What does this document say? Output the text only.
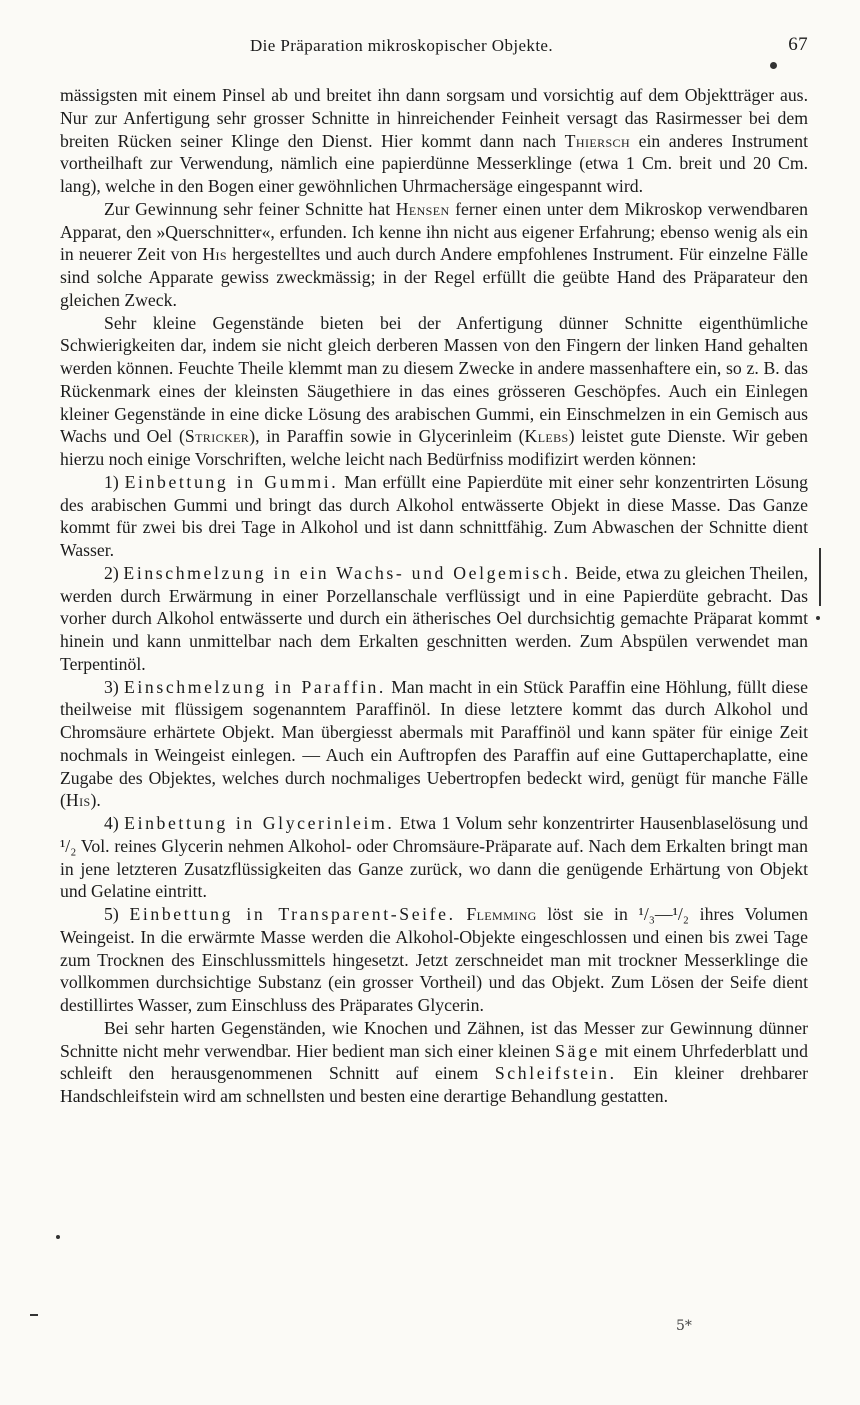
Die Präparation mikroskopischer Objekte.	67

mässigsten mit einem Pinsel ab und breitet ihn dann sorgsam und vorsichtig auf dem Objektträger aus. Nur zur Anfertigung sehr grosser Schnitte in hinreichender Feinheit versagt das Rasirmesser bei dem breiten Rücken seiner Klinge den Dienst. Hier kommt dann nach Thiersch ein anderes Instrument vortheilhaft zur Verwendung, nämlich eine papierdünne Messerklinge (etwa 1 Cm. breit und 20 Cm. lang), welche in den Bogen einer gewöhnlichen Uhrmachersäge eingespannt wird.

Zur Gewinnung sehr feiner Schnitte hat Hensen ferner einen unter dem Mikroskop verwendbaren Apparat, den »Querschnitter«, erfunden. Ich kenne ihn nicht aus eigener Erfahrung; ebenso wenig als ein in neuerer Zeit von His hergestelltes und auch durch Andere empfohlenes Instrument. Für einzelne Fälle sind solche Apparate gewiss zweckmässig; in der Regel erfüllt die geübte Hand des Präparateur den gleichen Zweck.

Sehr kleine Gegenstände bieten bei der Anfertigung dünner Schnitte eigenthümliche Schwierigkeiten dar, indem sie nicht gleich derberen Massen von den Fingern der linken Hand gehalten werden können. Feuchte Theile klemmt man zu diesem Zwecke in andere massenhaftere ein, so z. B. das Rückenmark eines der kleinsten Säugethiere in das eines grösseren Geschöpfes. Auch ein Einlegen kleiner Gegenstände in eine dicke Lösung des arabischen Gummi, ein Einschmelzen in ein Gemisch aus Wachs und Oel (Stricker), in Paraffin sowie in Glycerinleim (Klebs) leistet gute Dienste. Wir geben hierzu noch einige Vorschriften, welche leicht nach Bedürfniss modifizirt werden können:

1) Einbettung in Gummi. Man erfüllt eine Papierdüte mit einer sehr konzentrirten Lösung des arabischen Gummi und bringt das durch Alkohol entwässerte Objekt in diese Masse. Das Ganze kommt für zwei bis drei Tage in Alkohol und ist dann schnittfähig. Zum Abwaschen der Schnitte dient Wasser.

2) Einschmelzung in ein Wachs- und Oelgemisch. Beide, etwa zu gleichen Theilen, werden durch Erwärmung in einer Porzellanschale verflüssigt und in eine Papierdüte gebracht. Das vorher durch Alkohol entwässerte und durch ein ätherisches Oel durchsichtig gemachte Präparat kommt hinein und kann unmittelbar nach dem Erkalten geschnitten werden. Zum Abspülen verwendet man Terpentinöl.

3) Einschmelzung in Paraffin. Man macht in ein Stück Paraffin eine Höhlung, füllt diese theilweise mit flüssigem sogenanntem Paraffinöl. In diese letztere kommt das durch Alkohol und Chromsäure erhärtete Objekt. Man übergiesst abermals mit Paraffinöl und kann später für einige Zeit nochmals in Weingeist einlegen. — Auch ein Auftropfen des Paraffin auf eine Guttaperchaplatte, eine Zugabe des Objektes, welches durch nochmaliges Uebertropfen bedeckt wird, genügt für manche Fälle (His).

4) Einbettung in Glycerinleim. Etwa 1 Volum sehr konzentrirter Hausenblaselösung und ¹/₂ Vol. reines Glycerin nehmen Alkohol- oder Chromsäure-Präparate auf. Nach dem Erkalten bringt man in jene letzteren Zusatzflüssigkeiten das Ganze zurück, wo dann die genügende Erhärtung von Objekt und Gelatine eintritt.

5) Einbettung in Transparent-Seife. Flemming löst sie in ¹/₃—¹/₂ ihres Volumen Weingeist. In die erwärmte Masse werden die Alkohol-Objekte eingeschlossen und einen bis zwei Tage zum Trocknen des Einschlussmittels hingesetzt. Jetzt zerschneidet man mit trockner Messerklinge die vollkommen durchsichtige Substanz (ein grosser Vortheil) und das Objekt. Zum Lösen der Seife dient destillirtes Wasser, zum Einschluss des Präparates Glycerin.

Bei sehr harten Gegenständen, wie Knochen und Zähnen, ist das Messer zur Gewinnung dünner Schnitte nicht mehr verwendbar. Hier bedient man sich einer kleinen Säge mit einem Uhrfederblatt und schleift den herausgenommenen Schnitt auf einem Schleifstein. Ein kleiner drehbarer Handschleifstein wird am schnellsten und besten eine derartige Behandlung gestatten.

5*
